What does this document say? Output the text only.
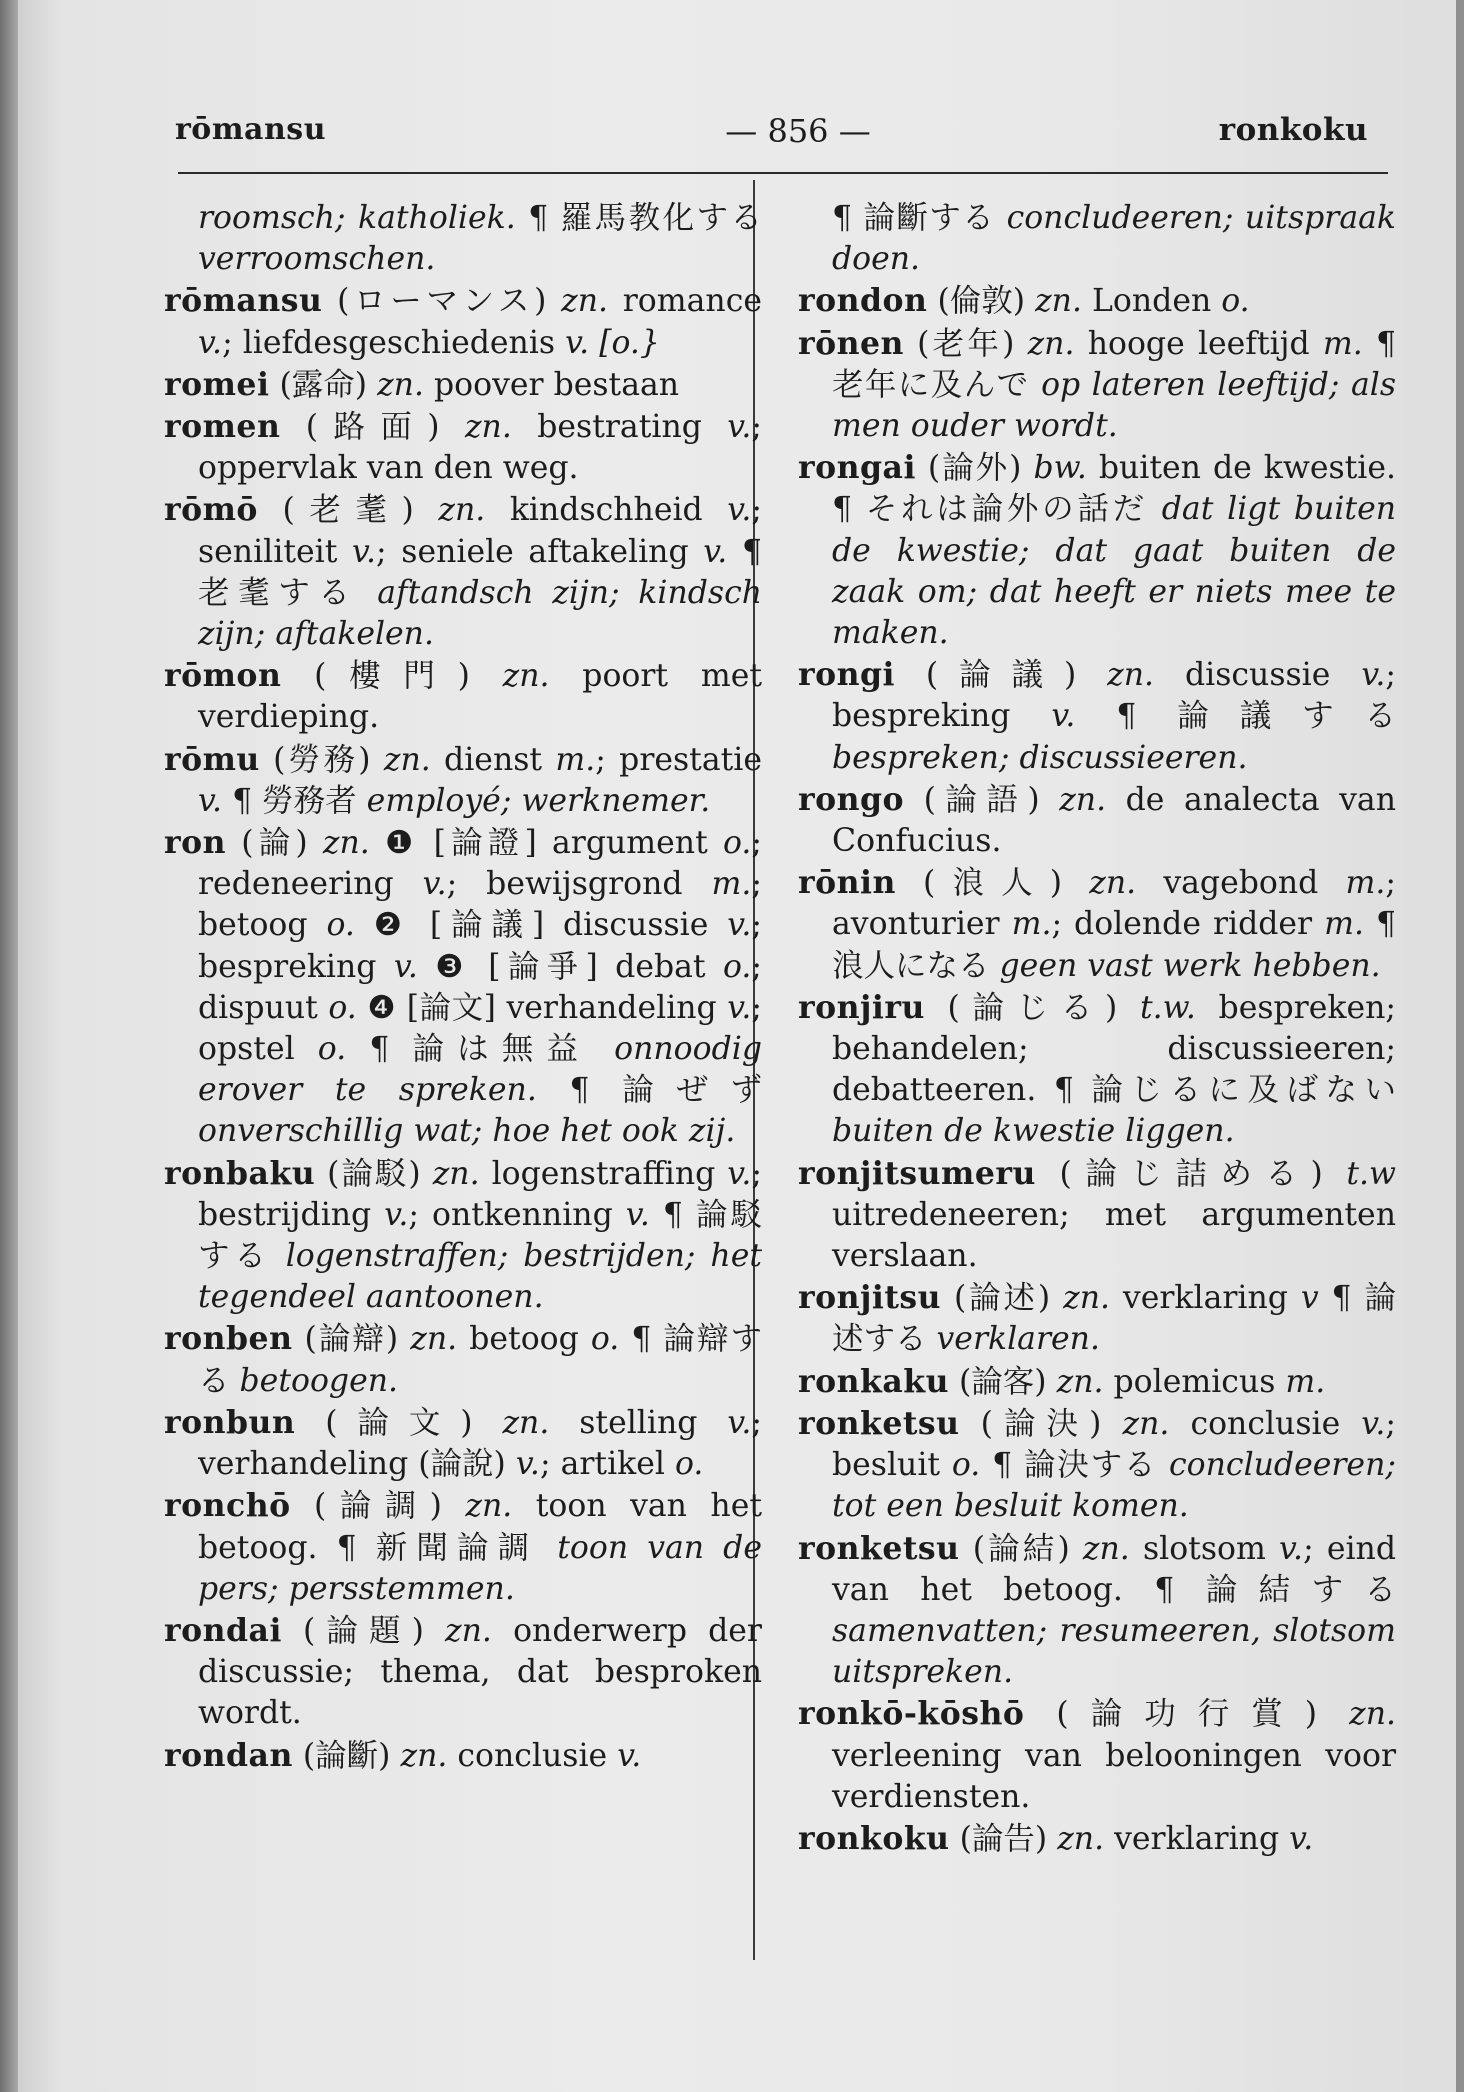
rōmansu	— 856 —	ronkoku

roomsch; katholiek. ¶ 羅馬教化する verroomschen.

rōmansu (ローマンス) zn. romance v.; liefdesgeschiedenis v. [o.}

romei (露命) zn. poover bestaan

romen (路面) zn. bestrating v.; oppervlak van den weg.

rōmō (老耄) zn. kindschheid v.; seniliteit v.; seniele aftakeling v. ¶ 老耄する aftandsch zijn; kindsch zijn; aftakelen.

rōmon (樓門) zn. poort met verdieping.

rōmu (勞務) zn. dienst m.; prestatie v. ¶ 勞務者 employé; werknemer.

ron (論) zn. ❶ [論證] argument o.; redeneering v.; bewijsgrond m.; betoog o. ❷ [論議] discussie v.; bespreking v. ❸ [論爭] debat o.; dispuut o. ❹ [論文] verhandeling v.; opstel o. ¶ 論は無益 onnoodig erover te spreken. ¶ 論ぜず onverschillig wat; hoe het ook zij.

ronbaku (論駁) zn. logenstraffing v.; bestrijding v.; ontkenning v. ¶ 論駁する logenstraffen; bestrijden; het tegendeel aantoonen.

ronben (論辯) zn. betoog o. ¶ 論辯する betoogen.

ronbun (論文) zn. stelling v.; verhandeling (論說) v.; artikel o.

ronchō (論調) zn. toon van het betoog. ¶ 新聞論調 toon van de pers; persstemmen.

rondai (論題) zn. onderwerp der discussie; thema, dat besproken wordt.

rondan (論斷) zn. conclusie v.

¶ 論斷する concludeeren; uitspraak doen.

rondon (倫敦) zn. Londen o.

rōnen (老年) zn. hooge leeftijd m. ¶ 老年に及んで op lateren leeftijd; als men ouder wordt.

rongai (論外) bw. buiten de kwestie. ¶ それは論外の話だ dat ligt buiten de kwestie; dat gaat buiten de zaak om; dat heeft er niets mee te maken.

rongi (論議) zn. discussie v.; bespreking v. ¶ 論議する bespreken; discussieeren.

rongo (論語) zn. de analecta van Confucius.

rōnin (浪人) zn. vagebond m.; avonturier m.; dolende ridder m. ¶ 浪人になる geen vast werk hebben.

ronjiru (論じる) t.w. bespreken; behandelen; discussieeren; debatteeren. ¶ 論じるに及ばない buiten de kwestie liggen.

ronjitsumeru (論じ詰める) t.w uitredeneeren; met argumenten verslaan.

ronjitsu (論述) zn. verklaring v ¶ 論述する verklaren.

ronkaku (論客) zn. polemicus m.

ronketsu (論決) zn. conclusie v.; besluit o. ¶ 論決する concludeeren; tot een besluit komen.

ronketsu (論結) zn. slotsom v.; eind van het betoog. ¶ 論結する samenvatten; resumeeren, slotsom uitspreken.

ronkō-kōshō (論功行賞) zn. verleening van belooningen voor verdiensten.

ronkoku (論告) zn. verklaring v.
